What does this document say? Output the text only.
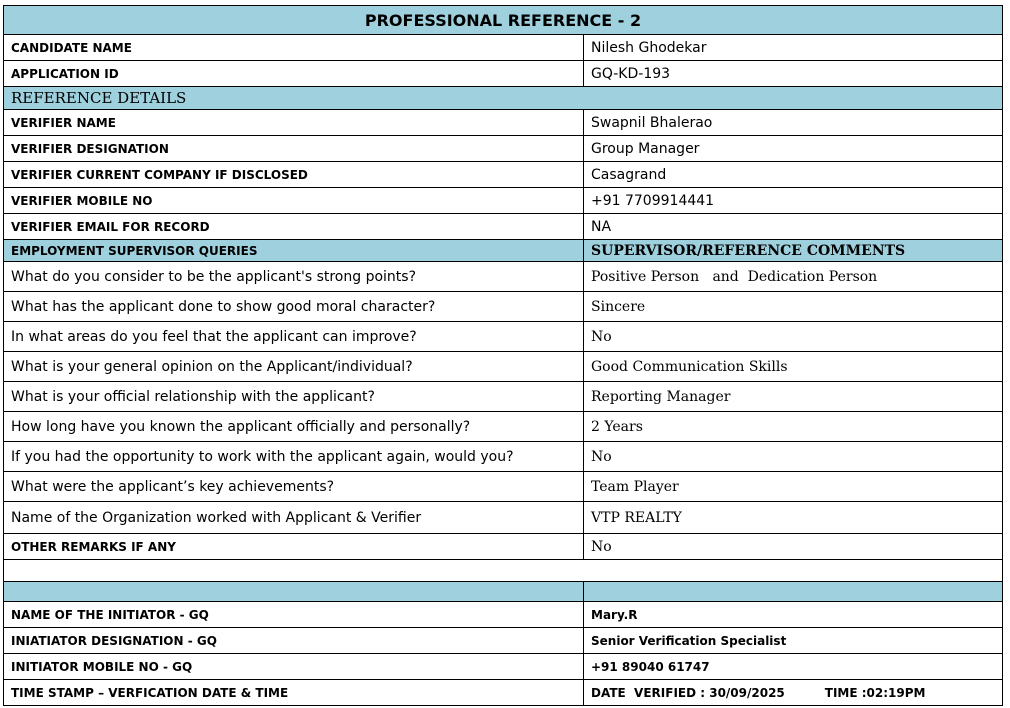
PROFESSIONAL REFERENCE - 2	
CANDIDATE NAME	Nilesh Ghodekar
APPLICATION ID	GQ-KD-193
REFERENCE DETAILS	
VERIFIER NAME	Swapnil Bhalerao
VERIFIER DESIGNATION	Group Manager
VERIFIER CURRENT COMPANY IF DISCLOSED	Casagrand
VERIFIER MOBILE NO	+91 7709914441
VERIFIER EMAIL FOR RECORD	NA
EMPLOYMENT SUPERVISOR QUERIES	SUPERVISOR/REFERENCE COMMENTS
What do you consider to be the applicant's strong points?	Positive Person   and  Dedication Person
What has the applicant done to show good moral character?	Sincere
In what areas do you feel that the applicant can improve?	No
What is your general opinion on the Applicant/individual?	Good Communication Skills
What is your official relationship with the applicant?	Reporting Manager
How long have you known the applicant officially and personally?	2 Years
If you had the opportunity to work with the applicant again, would you?	No
What were the applicant’s key achievements?	Team Player
Name of the Organization worked with Applicant & Verifier	VTP REALTY
OTHER REMARKS IF ANY	No

NAME OF THE INITIATOR - GQ	Mary.R
INIATIATOR DESIGNATION - GQ	Senior Verification Specialist
INITIATOR MOBILE NO - GQ	+91 89040 61747
TIME STAMP – VERFICATION DATE & TIME	DATE  VERIFIED : 30/09/2025 TIME :02:19PM
